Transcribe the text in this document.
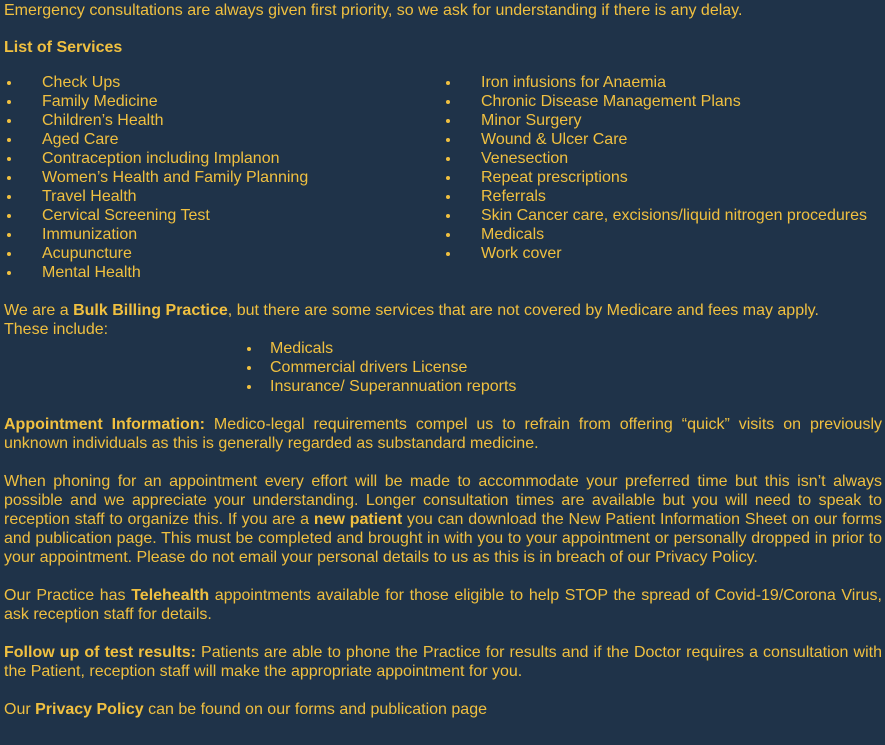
Emergency consultations are always given first priority, so we ask for understanding if there is any delay.

List of Services

Check Ups
Family Medicine
Children’s Health
Aged Care
Contraception including Implanon
Women’s Health and Family Planning
Travel Health
Cervical Screening Test
Immunization
Acupuncture
Mental Health
Iron infusions for Anaemia
Chronic Disease Management Plans
Minor Surgery
Wound & Ulcer Care
Venesection
Repeat prescriptions
Referrals
Skin Cancer care, excisions/liquid nitrogen procedures
Medicals
Work cover

We are a Bulk Billing Practice, but there are some services that are not covered by Medicare and fees may apply.
These include:

Medicals
Commercial drivers License
Insurance/ Superannuation reports

Appointment Information: Medico-legal requirements compel us to refrain from offering “quick” visits on previously unknown individuals as this is generally regarded as substandard medicine.

When phoning for an appointment every effort will be made to accommodate your preferred time but this isn’t always possible and we appreciate your understanding. Longer consultation times are available but you will need to speak to reception staff to organize this. If you are a new patient you can download the New Patient Information Sheet on our forms and publication page. This must be completed and brought in with you to your appointment or personally dropped in prior to your appointment. Please do not email your personal details to us as this is in breach of our Privacy Policy.

Our Practice has Telehealth appointments available for those eligible to help STOP the spread of Covid-19/Corona Virus, ask reception staff for details.

Follow up of test results: Patients are able to phone the Practice for results and if the Doctor requires a consultation with the Patient, reception staff will make the appropriate appointment for you.

Our Privacy Policy can be found on our forms and publication page
